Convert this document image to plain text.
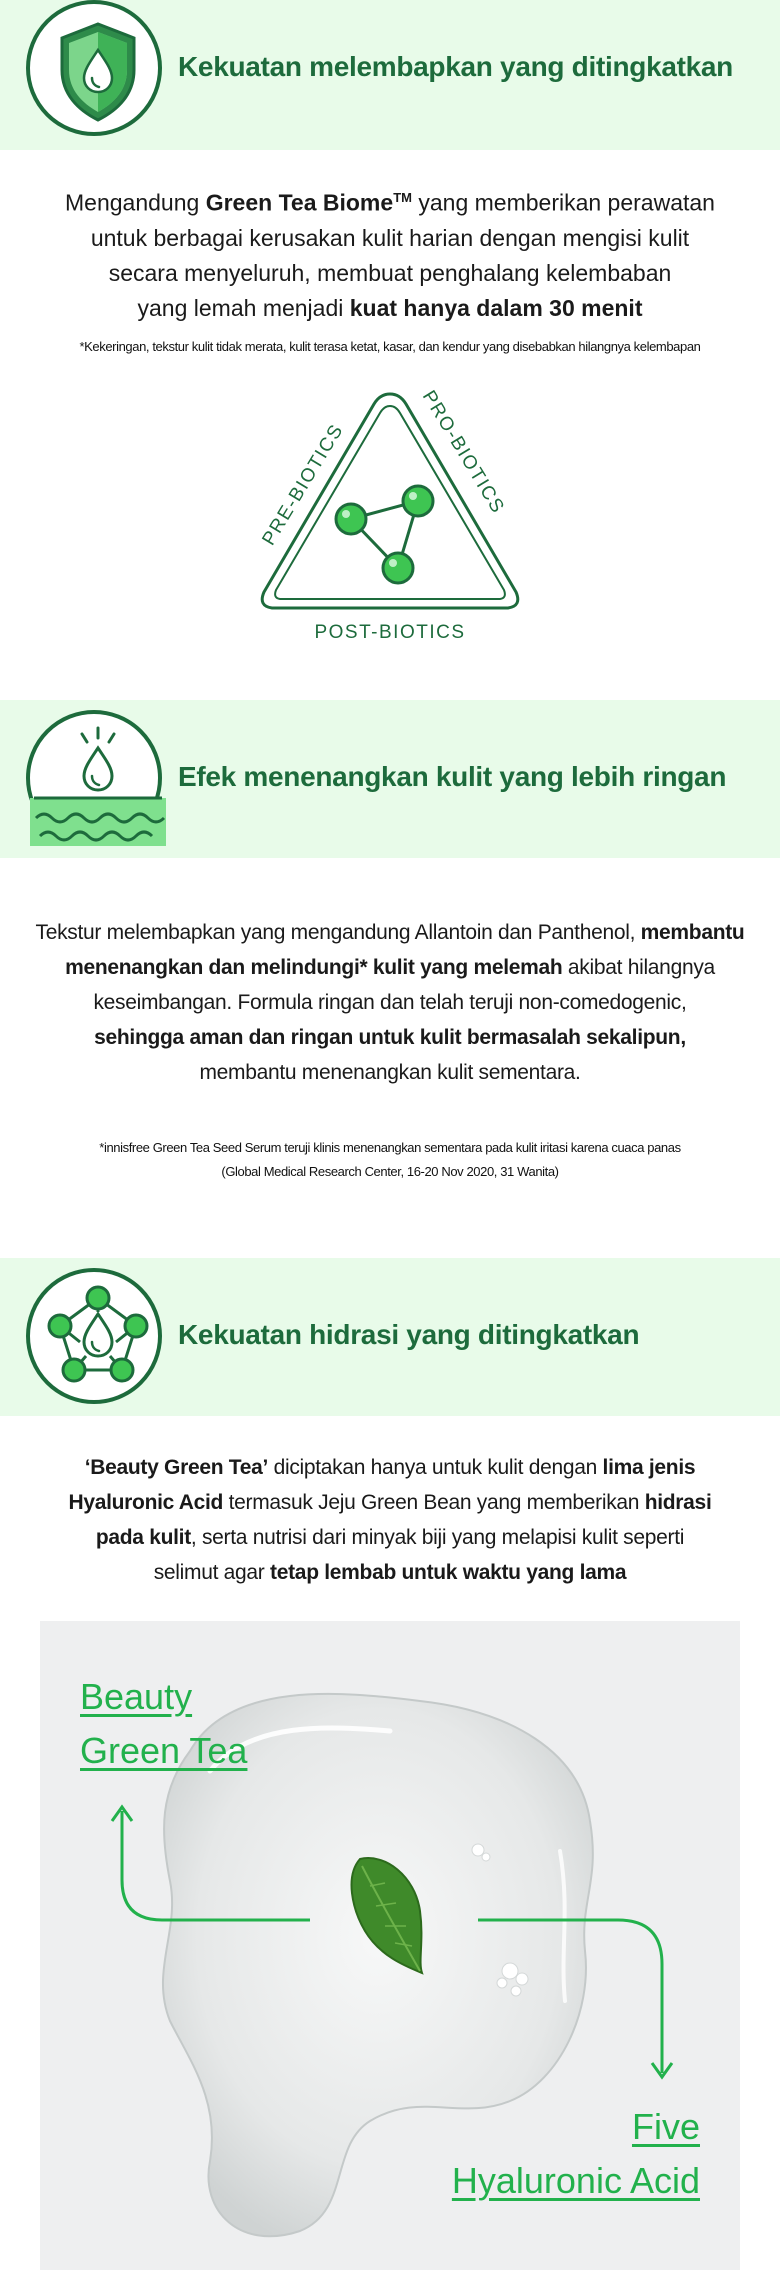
Kekuatan melembapkan yang ditingkatkan
Mengandung Green Tea Biome™ yang memberikan perawatan
untuk berbagai kerusakan kulit harian dengan mengisi kulit
secara menyeluruh, membuat penghalang kelembaban
yang lemah menjadi kuat hanya dalam 30 menit
*Kekeringan, tekstur kulit tidak merata, kulit terasa ketat, kasar, dan kendur yang disebabkan hilangnya kelembapan
PRE-BIOTICS
PRO-BIOTICS
POST-BIOTICS
Efek menenangkan kulit yang lebih ringan
Tekstur melembapkan yang mengandung Allantoin dan Panthenol, membantu
menenangkan dan melindungi* kulit yang melemah akibat hilangnya
keseimbangan. Formula ringan dan telah teruji non-comedogenic,
sehingga aman dan ringan untuk kulit bermasalah sekalipun,
membantu menenangkan kulit sementara.
*innisfree Green Tea Seed Serum teruji klinis menenangkan sementara pada kulit iritasi karena cuaca panas
(Global Medical Research Center, 16-20 Nov 2020, 31 Wanita)
Kekuatan hidrasi yang ditingkatkan
‘Beauty Green Tea’ diciptakan hanya untuk kulit dengan lima jenis
Hyaluronic Acid termasuk Jeju Green Bean yang memberikan hidrasi
pada kulit, serta nutrisi dari minyak biji yang melapisi kulit seperti
selimut agar tetap lembab untuk waktu yang lama
Beauty
Green Tea
Five
Hyaluronic Acid
